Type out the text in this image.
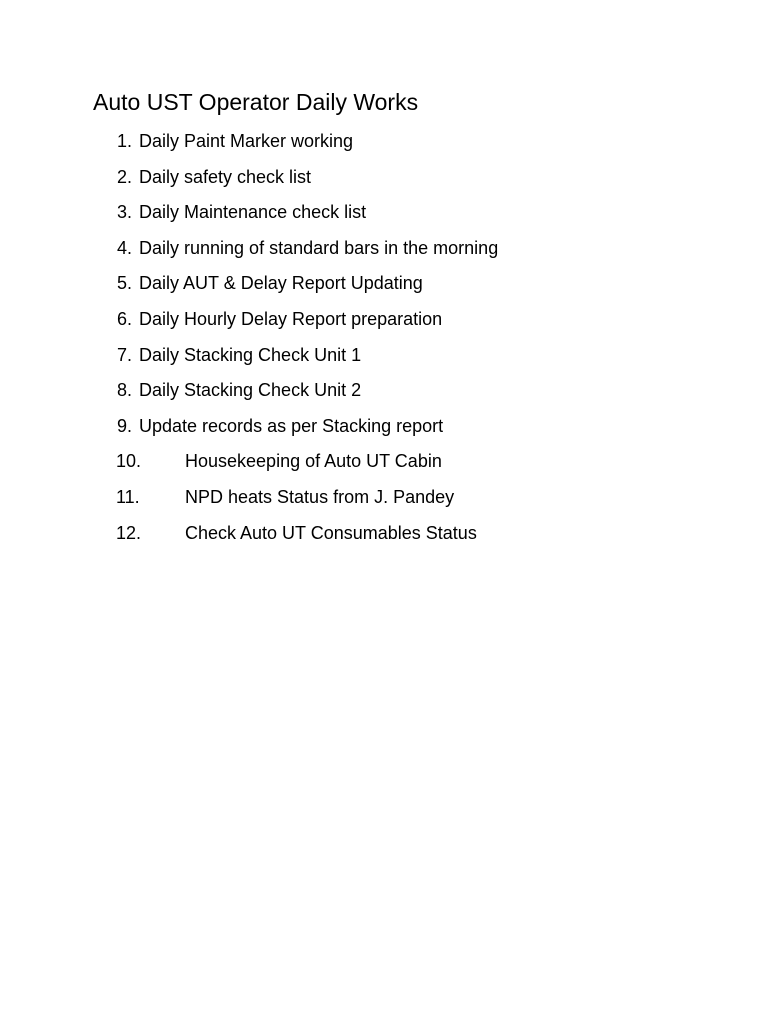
Auto UST Operator Daily Works
1. Daily Paint Marker working
2. Daily safety check list
3. Daily Maintenance check list
4. Daily running of standard bars in the morning
5. Daily AUT & Delay Report Updating
6. Daily Hourly Delay Report preparation
7. Daily Stacking Check Unit 1
8. Daily Stacking Check Unit 2
9. Update records as per Stacking report
10. Housekeeping of Auto UT Cabin
11.	NPD heats Status from J. Pandey
12. Check Auto UT Consumables Status
